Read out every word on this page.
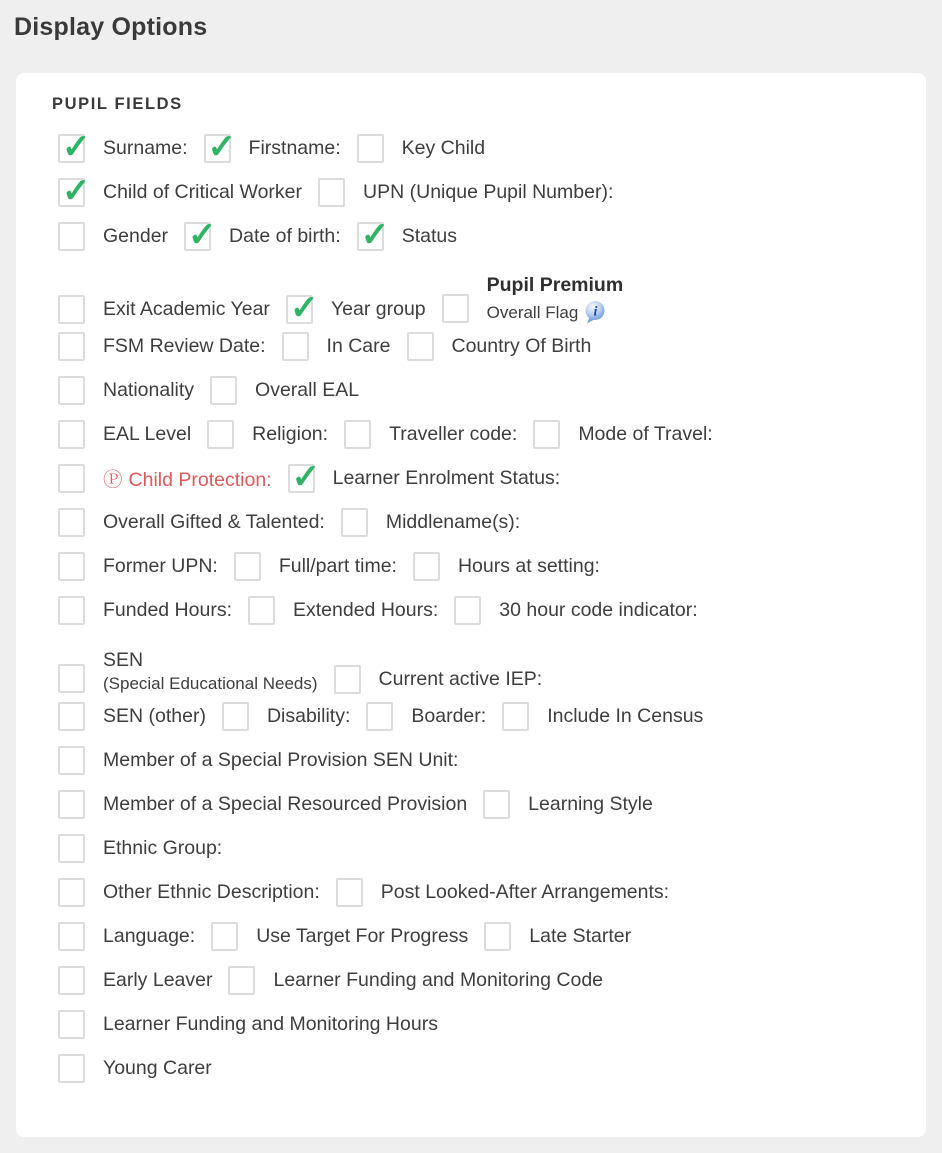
Display Options
PUPIL FIELDS
✓
Surname: ✓	Firstname:	Key Child
✓
Child of Critical Worker	UPN (Unique Pupil Number):
Gender ✓	Date of birth: ✓	Status
Exit Academic Year ✓	Year group
Pupil Premium
Overall Flag i
FSM Review Date:	In Care	Country Of Birth
Nationality	Overall EAL
EAL Level	Religion:	Traveller code:	Mode of Travel:
Ⓟ Child Protection: ✓	Learner Enrolment Status:
Overall Gifted & Talented:	Middlename(s):
Former UPN:	Full/part time:	Hours at setting:
Funded Hours:	Extended Hours:	30 hour code indicator:
SEN
(Special Educational Needs)	Current active IEP:
SEN (other)	Disability:	Boarder:	Include In Census
Member of a Special Provision SEN Unit:
Member of a Special Resourced Provision	Learning Style
Ethnic Group:
Other Ethnic Description:	Post Looked-After Arrangements:
Language:	Use Target For Progress	Late Starter
Early Leaver	Learner Funding and Monitoring Code
Learner Funding and Monitoring Hours
Young Carer
